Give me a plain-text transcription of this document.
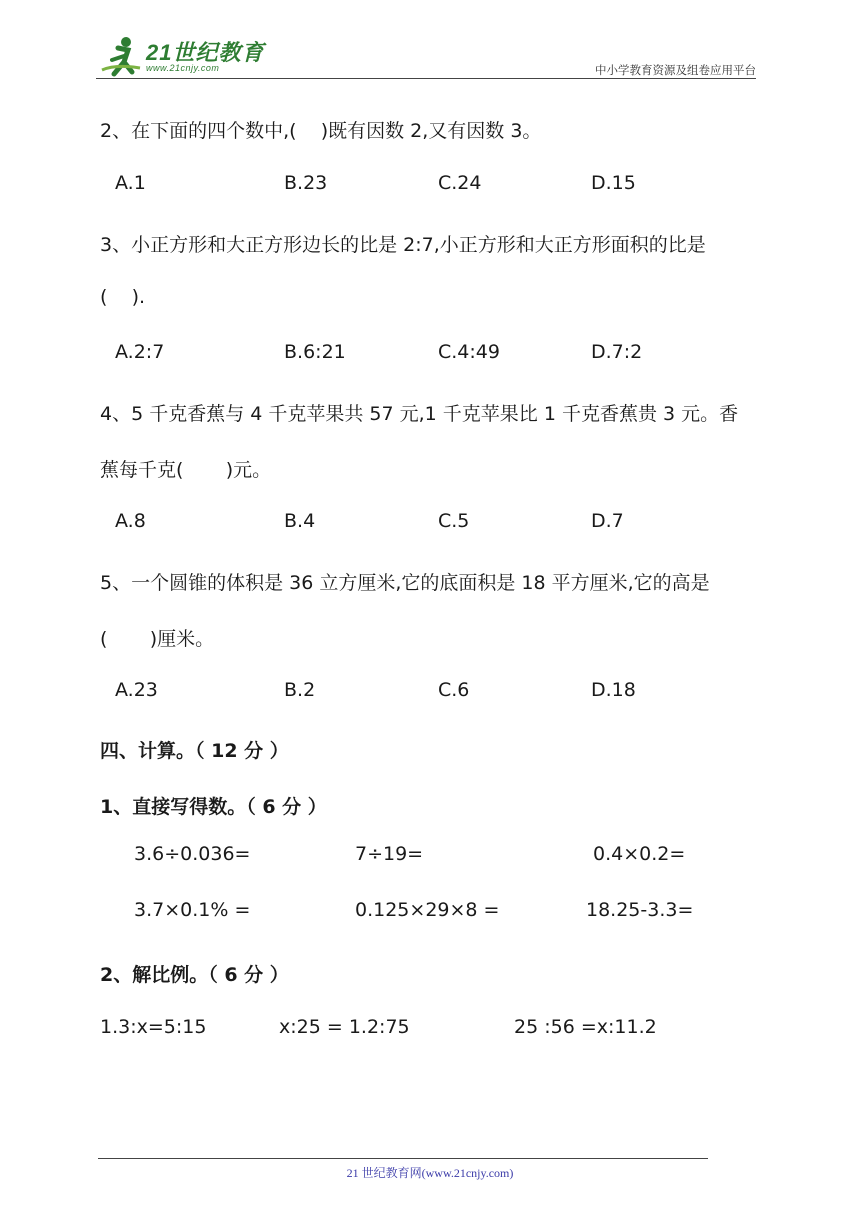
21世纪教育
www.21cnjy.com	中小学教育资源及组卷应用平台
2、在下面的四个数中,(    )既有因数 2,又有因数 3。
A.1	B.23	C.24	D.15
3、小正方形和大正方形边长的比是 2:7,小正方形和大正方形面积的比是
(    ).
A.2:7	B.6:21	C.4:49	D.7:2
4、5 千克香蕉与 4 千克苹果共 57 元,1 千克苹果比 1 千克香蕉贵 3 元。香
蕉每千克(       )元。
A.8	B.4	C.5	D.7
5、一个圆锥的体积是 36 立方厘米,它的底面积是 18 平方厘米,它的高是
(       )厘米。
A.23	B.2	C.6	D.18
四、计算。（ 12 分 ）
1、直接写得数。（ 6 分 ）
3.6÷0.036=	7÷19=	0.4×0.2=
3.7×0.1% =	0.125×29×8 =	18.25-3.3=
2、解比例。（ 6 分 ）
1.3:x=5:15	x:25 = 1.2:75	25 :56 =x:11.2
21 世纪教育网(www.21cnjy.com)
